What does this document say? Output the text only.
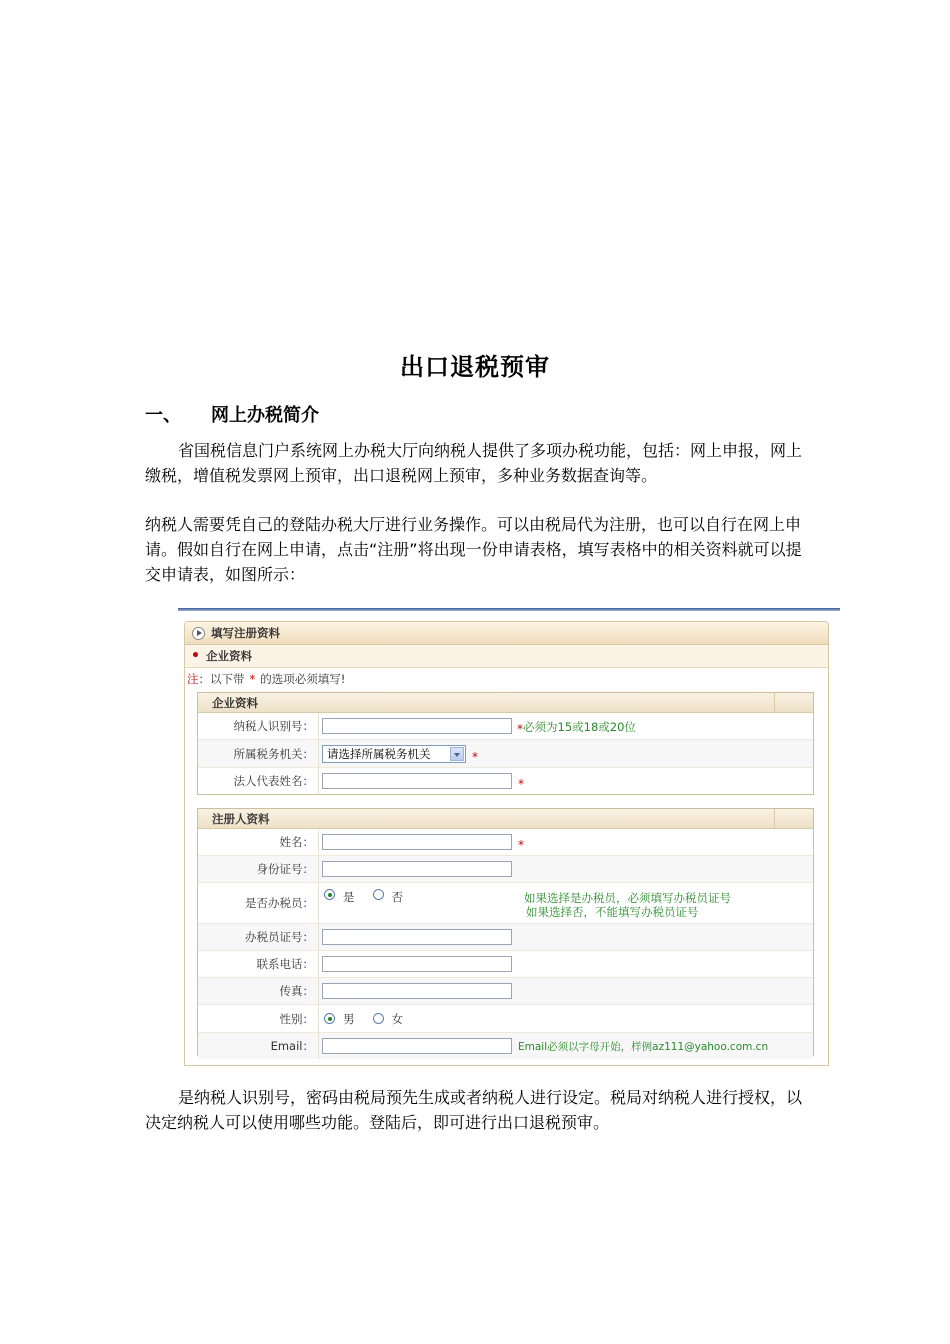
出口退税预审
一、 网上办税简介
省国税信息门户系统网上办税大厅向纳税人提供了多项办税功能，包括：网上申报，网上缴税，增值税发票网上预审，出口退税网上预审，多种业务数据查询等。
纳税人需要凭自己的登陆办税大厅进行业务操作。可以由税局代为注册，也可以自行在网上申请。假如自行在网上申请，点击“注册”将出现一份申请表格，填写表格中的相关资料就可以提交申请表，如图所示：
填写注册资料
• 企业资料
注 ：以下带 * 的选项必须填写!
企业资料
纳税人识别号：	* 必须为15或18或20位
所属税务机关：	请选择所属税务机关	*
法人代表姓名：	*
注册人资料
姓名：	*
身份证号：
是否办税员：	是	否	如果选择是办税员，必须填写办税员证号
如果选择否，不能填写办税员证号
办税员证号：
联系电话：
传真：
性别：	男	女
Email：	Email必须以字母开始，样例az111@yahoo.com.cn
是纳税人识别号，密码由税局预先生成或者纳税人进行设定。税局对纳税人进行授权，以决定纳税人可以使用哪些功能。登陆后，即可进行出口退税预审。
